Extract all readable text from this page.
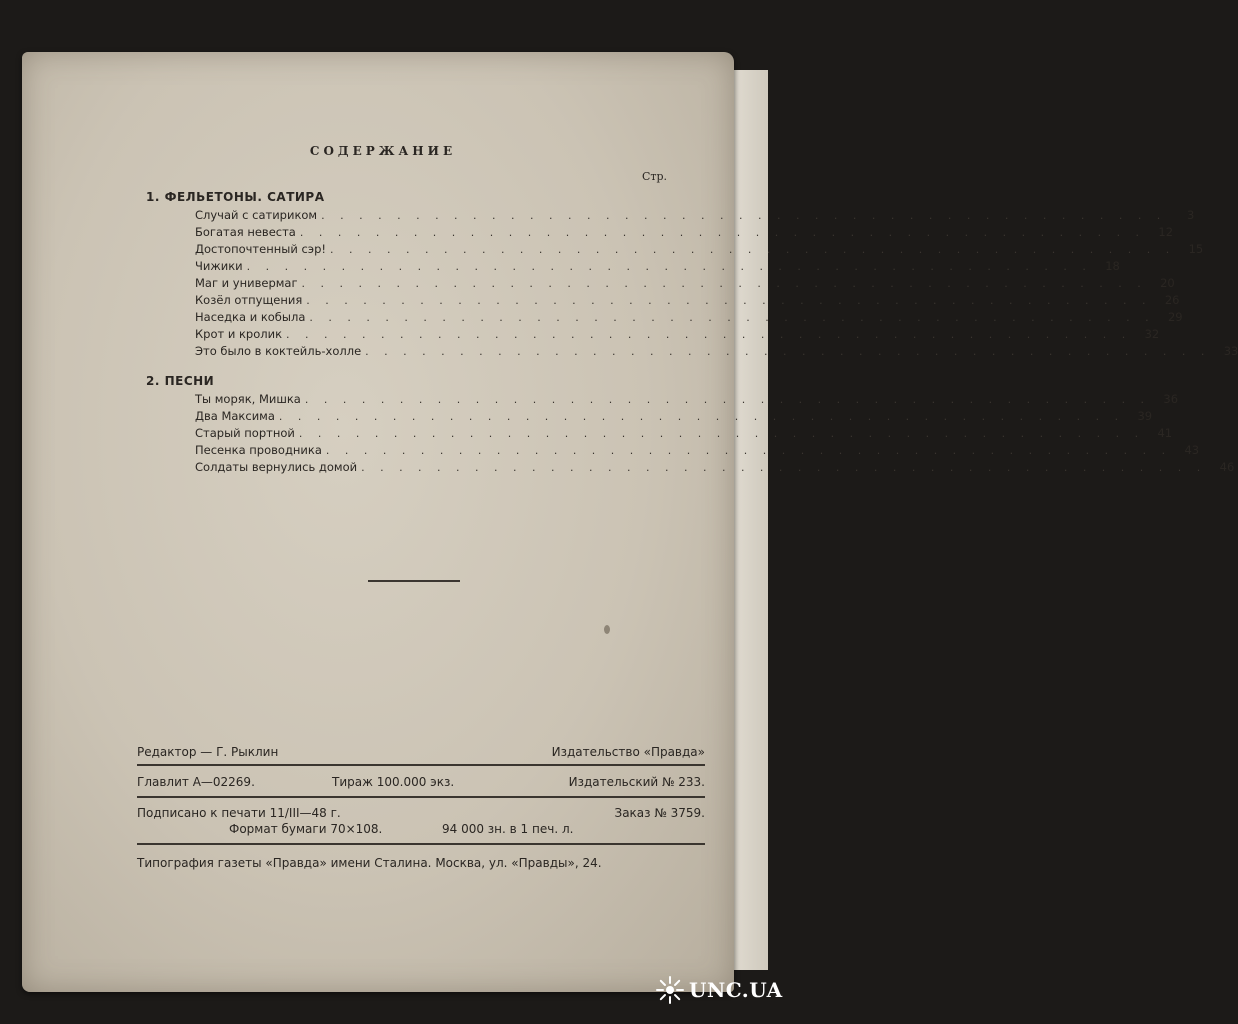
СОДЕРЖАНИЕ
Стр.
1. ФЕЛЬЕТОНЫ. САТИРА
Случай с сатириком . . .	3
Богатая невеста . . .	12
Достопочтенный сэр! . . .	15
Чижики . . .	18
Маг и универмаг . . .	20
Козёл отпущения . . .	26
Наседка и кобыла . . .	29
Крот и кролик . . .	32
Это было в коктейль-холле . . .	33
2. ПЕСНИ
Ты моряк, Мишка . . .	36
Два Максима . . .	39
Старый портной . . .	41
Песенка проводника . . .	43
Солдаты вернулись домой . . .	46
Редактор — Г. Рыклин	Издательство «Правда»
Главлит А—02269.	Тираж 100.000 экз.	Издательский № 233.
Подписано к печати 11/III—48 г.	Заказ № 3759.
Формат бумаги 70×108.	94 000 зн. в 1 печ. л.
Типография газеты «Правда» имени Сталина. Москва, ул. «Правды», 24.
UNC.UA
